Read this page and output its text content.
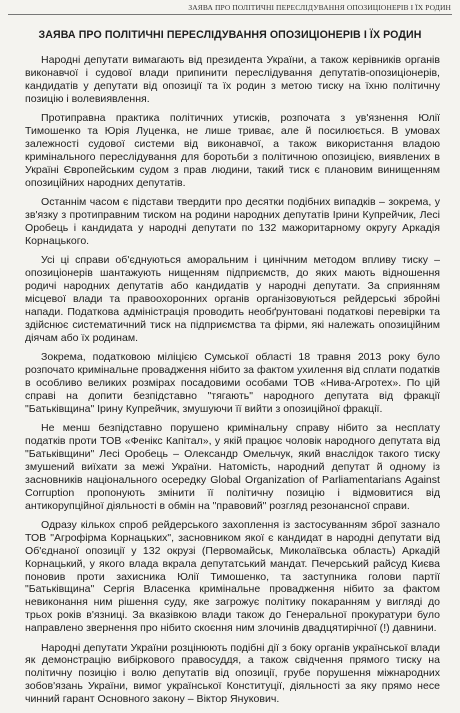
ЗАЯВА ПРО ПОЛІТИЧНІ ПЕРЕСЛІДУВАННЯ ОПОЗИЦІОНЕРІВ І ЇХ РОДИН
ЗАЯВА ПРО ПОЛІТИЧНІ ПЕРЕСЛІДУВАННЯ ОПОЗИЦІОНЕРІВ І ЇХ РОДИН

Народні депутати вимагають від президента України, а також керівників органів виконавчої і судової влади припинити переслідування депутатів-опозиціонерів, кандидатів у депутати від опозиції та їх родин з метою тиску на їхню політичну позицію і волевиявлення.

Протиправна практика політичних утисків, розпочата з ув'язнення Юлії Тимошенко та Юрія Луценка, не лише триває, але й посилюється. В умовах залежності судової системи від виконавчої, а також використання владою кримінального переслідування для боротьби з політичною опозицією, виявлених в Україні Європейським судом з прав людини, такий тиск є плановим винищенням опозиційних народних депутатів.

Останнім часом є підстави твердити про десятки подібних випадків – зокрема, у зв'язку з протиправним тиском на родини народних депутатів Ірини Купрейчик, Лесі Оробець і кандидата у народні депутати по 132 мажоритарному округу Аркадія Корнацького.

Усі ці справи об'єднуються аморальним і цинічним методом впливу тиску – опозиціонерів шантажують нищенням підприємств, до яких мають відношення родичі народних депутатів або кандидатів у народні депутати. За сприянням місцевої влади та правоохоронних органів організовуються рейдерські збройні напади. Податкова адміністрація проводить необґрунтовані податкові перевірки та здійснює систематичний тиск на підприємства та фірми, які належать опозиційним діячам або їх родинам.

Зокрема, податковою міліцією Сумської області 18 травня 2013 року було розпочато кримінальне провадження нібито за фактом ухилення від сплати податків в особливо великих розмірах посадовими особами ТОВ «Нива-Агротех». По цій справі на допити безпідставно "тягають" народного депутата від фракції "Батьківщина" Ірину Купрейчик, змушуючи її вийти з опозиційної фракції.

Не менш безпідставно порушено кримінальну справу нібито за несплату податків проти ТОВ «Фенікс Капітал», у якій працює чоловік народного депутата від "Батьківщини" Лесі Оробець – Олександр Омельчук, який внаслідок такого тиску змушений виїхати за межі України. Натомість, народний депутат й одному із засновників національного осередку Global Organization of Parliamentarians Against Corruption пропонують змінити її політичну позицію і відмовитися від антикорупційної діяльності в обмін на "правовий" розгляд резонансної справи.

Одразу кількох спроб рейдерського захоплення із застосуванням зброї зазнало ТОВ "Агрофірма Корнацьких", засновником якої є кандидат в народні депутати від Об'єднаної опозиції у 132 окрузі (Первомайськ, Миколаївська область) Аркадій Корнацький, у якого влада вкрала депутатський мандат. Печерський райсуд Києва поновив проти захисника Юлії Тимошенко, та заступника голови партії "Батьківщина" Сергія Власенка кримінальне провадження нібито за фактом невиконання ним рішення суду, яке загрожує політику покаранням у вигляді до трьох років в'язниці. За вказівкою влади також до Генеральної прокуратури було направлено звернення про нібито скоєння ним злочинів двадцятирічної (!) давнини.

Народні депутати України розцінюють подібні дії з боку органів української влади як демонстрацію вибіркового правосуддя, а також свідчення прямого тиску на політичну позицію і волю депутатів від опозиції, грубе порушення міжнародних зобов'язань України, вимог української Конституції, діяльності за яку прямо несе чинний гарант Основного закону – Віктор Янукович.
